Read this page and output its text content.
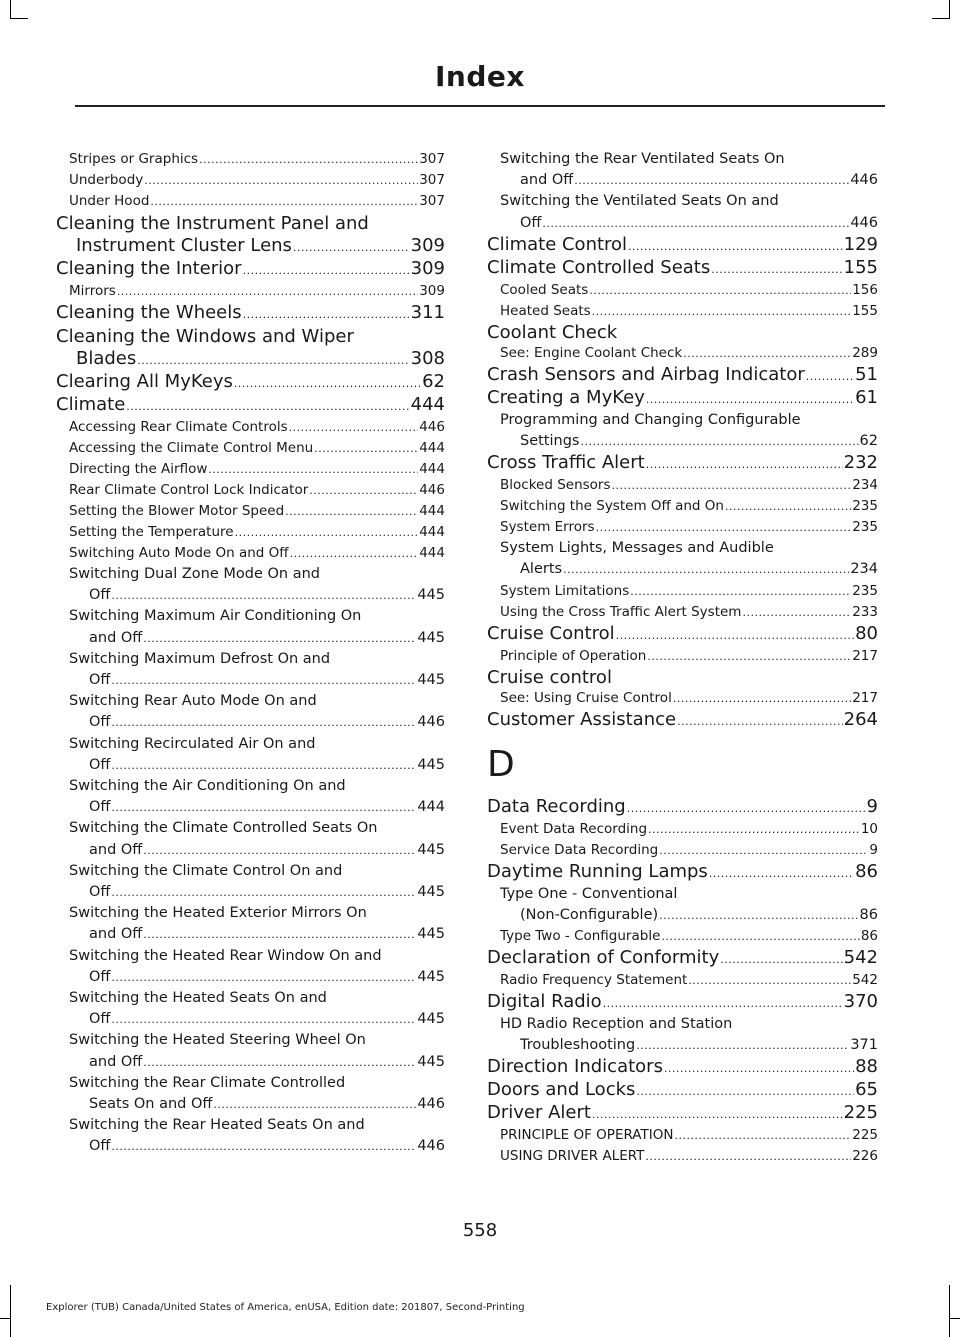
Index
Stripes or Graphics .....	307
Underbody .....	307
Under Hood .....	307
Cleaning the Instrument Panel and
Instrument Cluster Lens .....	309
Cleaning the Interior .....	309
Mirrors .....	309
Cleaning the Wheels .....	311
Cleaning the Windows and Wiper
Blades .....	308
Clearing All MyKeys .....	62
Climate .....	444
Accessing Rear Climate Controls .....	446
Accessing the Climate Control Menu .....	444
Directing the Airflow .....	444
Rear Climate Control Lock Indicator .....	446
Setting the Blower Motor Speed .....	444
Setting the Temperature .....	444
Switching Auto Mode On and Off .....	444
Switching Dual Zone Mode On and
Off .....	445
Switching Maximum Air Conditioning On
and Off .....	445
Switching Maximum Defrost On and
Off .....	445
Switching Rear Auto Mode On and
Off .....	446
Switching Recirculated Air On and
Off .....	445
Switching the Air Conditioning On and
Off .....	444
Switching the Climate Controlled Seats On
and Off .....	445
Switching the Climate Control On and
Off .....	445
Switching the Heated Exterior Mirrors On
and Off .....	445
Switching the Heated Rear Window On and
Off .....	445
Switching the Heated Seats On and
Off .....	445
Switching the Heated Steering Wheel On
and Off .....	445
Switching the Rear Climate Controlled
Seats On and Off .....	446
Switching the Rear Heated Seats On and
Off .....	446
Switching the Rear Ventilated Seats On
and Off .....	446
Switching the Ventilated Seats On and
Off .....	446
Climate Control .....	129
Climate Controlled Seats .....	155
Cooled Seats .....	156
Heated Seats .....	155
Coolant Check
See: Engine Coolant Check .....	289
Crash Sensors and Airbag Indicator .....	51
Creating a MyKey .....	61
Programming and Changing Configurable
Settings .....	62
Cross Traffic Alert .....	232
Blocked Sensors .....	234
Switching the System Off and On .....	235
System Errors .....	235
System Lights, Messages and Audible
Alerts .....	234
System Limitations .....	235
Using the Cross Traffic Alert System .....	233
Cruise Control .....	80
Principle of Operation .....	217
Cruise control
See: Using Cruise Control .....	217
Customer Assistance .....	264
D
Data Recording .....	9
Event Data Recording .....	10
Service Data Recording .....	9
Daytime Running Lamps .....	86
Type One - Conventional
(Non-Configurable) .....	86
Type Two - Configurable .....	86
Declaration of Conformity .....	542
Radio Frequency Statement .....	542
Digital Radio .....	370
HD Radio Reception and Station
Troubleshooting .....	371
Direction Indicators .....	88
Doors and Locks .....	65
Driver Alert .....	225
PRINCIPLE OF OPERATION .....	225
USING DRIVER ALERT .....	226
558
Explorer (TUB) Canada/United States of America, enUSA, Edition date: 201807, Second-Printing
